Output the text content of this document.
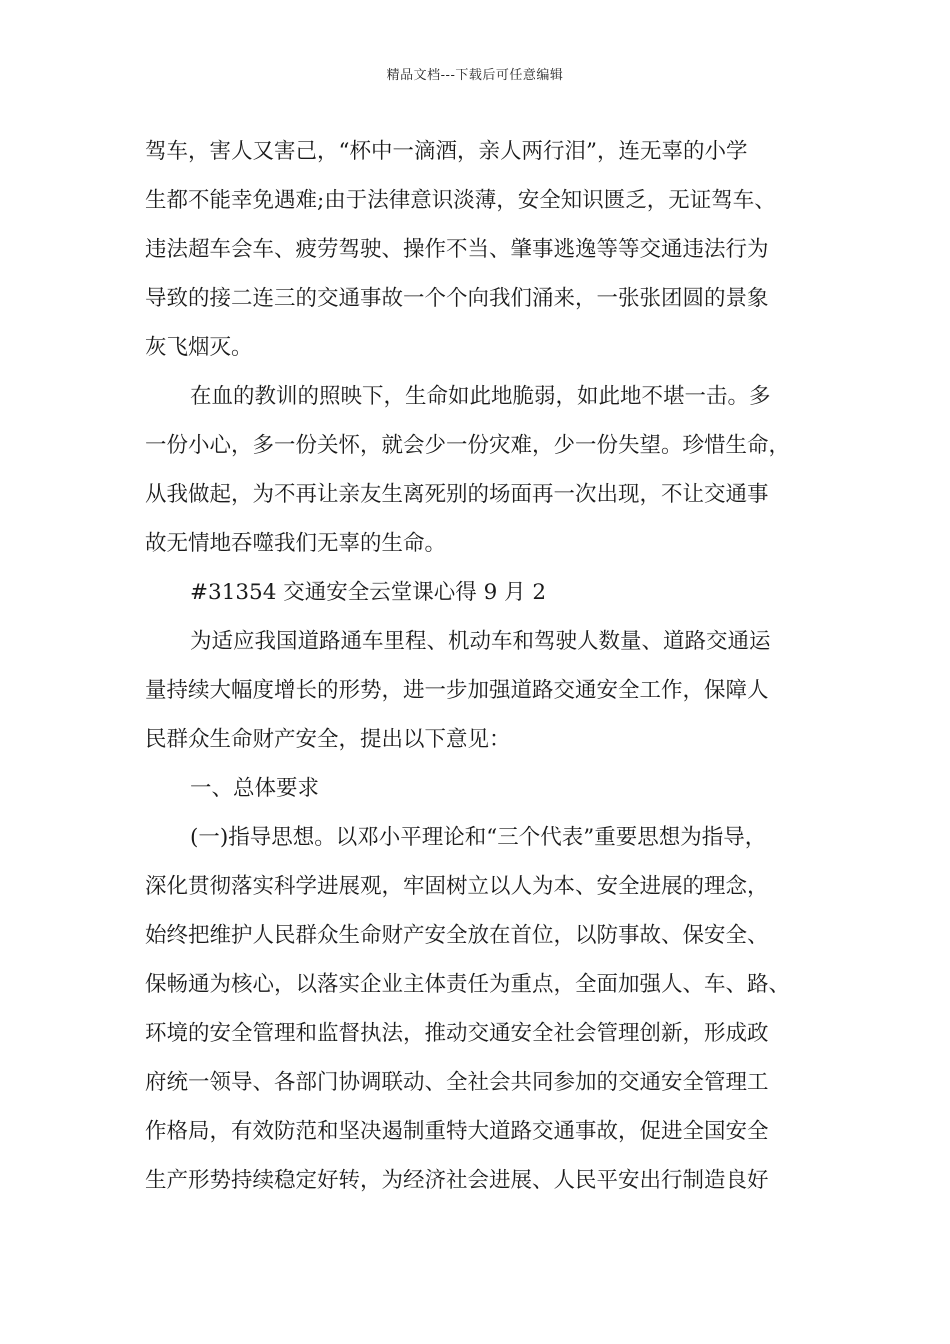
精品文档---下载后可任意编辑
驾车，害人又害己，“杯中一滴酒，亲人两行泪”，连无辜的小学
生都不能幸免遇难;由于法律意识淡薄，安全知识匮乏，无证驾车、
违法超车会车、疲劳驾驶、操作不当、肇事逃逸等等交通违法行为
导致的接二连三的交通事故一个个向我们涌来，一张张团圆的景象
灰飞烟灭。
在血的教训的照映下，生命如此地脆弱，如此地不堪一击。多
一份小心，多一份关怀，就会少一份灾难，少一份失望。珍惜生命，
从我做起，为不再让亲友生离死别的场面再一次出现，不让交通事
故无情地吞噬我们无辜的生命。
#31354 交通安全云堂课心得 9 月 2
为适应我国道路通车里程、机动车和驾驶人数量、道路交通运
量持续大幅度增长的形势，进一步加强道路交通安全工作，保障人
民群众生命财产安全，提出以下意见：
一、总体要求
(一)指导思想。以邓小平理论和“三个代表”重要思想为指导，
深化贯彻落实科学进展观，牢固树立以人为本、安全进展的理念，
始终把维护人民群众生命财产安全放在首位，以防事故、保安全、
保畅通为核心，以落实企业主体责任为重点，全面加强人、车、路、
环境的安全管理和监督执法，推动交通安全社会管理创新，形成政
府统一领导、各部门协调联动、全社会共同参加的交通安全管理工
作格局，有效防范和坚决遏制重特大道路交通事故，促进全国安全
生产形势持续稳定好转，为经济社会进展、人民平安出行制造良好
